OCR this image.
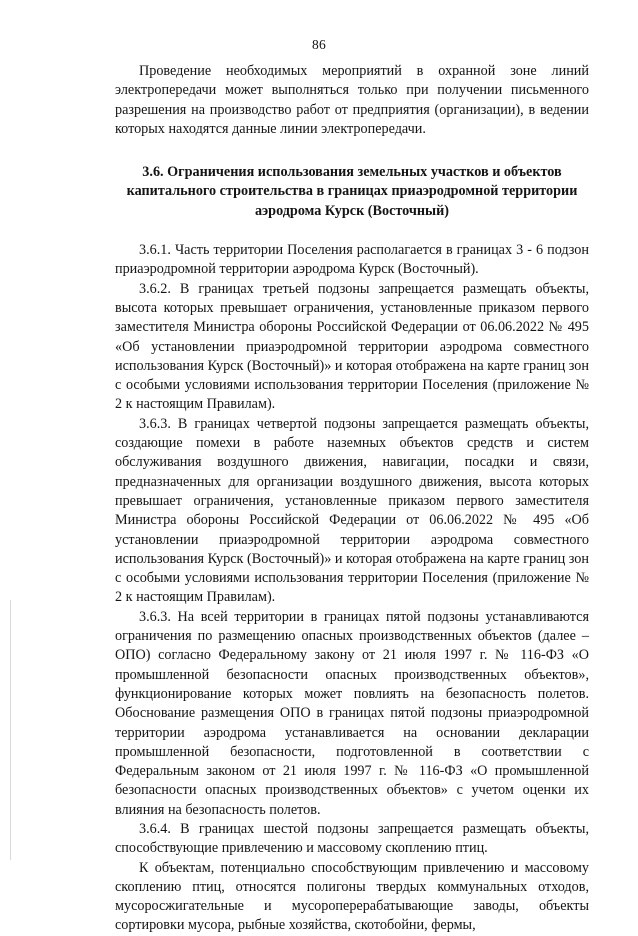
86

Проведение необходимых мероприятий в охранной зоне линий электропередачи может выполняться только при получении письменного разрешения на производство работ от предприятия (организации), в ведении которых находятся данные линии электропередачи.

3.6. Ограничения использования земельных участков и объектов капитального строительства в границах приаэродромной территории аэродрома Курск (Восточный)

3.6.1. Часть территории Поселения располагается в границах 3 - 6 подзон приаэродромной территории аэродрома Курск (Восточный).

3.6.2. В границах третьей подзоны запрещается размещать объекты, высота которых превышает ограничения, установленные приказом первого заместителя Министра обороны Российской Федерации от 06.06.2022 № 495 «Об установлении приаэродромной территории аэродрома совместного использования Курск (Восточный)» и которая отображена на карте границ зон с особыми условиями использования территории Поселения (приложение № 2 к настоящим Правилам).

3.6.3. В границах четвертой подзоны запрещается размещать объекты, создающие помехи в работе наземных объектов средств и систем обслуживания воздушного движения, навигации, посадки и связи, предназначенных для организации воздушного движения, высота которых превышает ограничения, установленные приказом первого заместителя Министра обороны Российской Федерации от 06.06.2022 № 495 «Об установлении приаэродромной территории аэродрома совместного использования Курск (Восточный)» и которая отображена на карте границ зон с особыми условиями использования территории Поселения (приложение № 2 к настоящим Правилам).

3.6.3. На всей территории в границах пятой подзоны устанавливаются ограничения по размещению опасных производственных объектов (далее – ОПО) согласно Федеральному закону от 21 июля 1997 г. № 116-ФЗ «О промышленной безопасности опасных производственных объектов», функционирование которых может повлиять на безопасность полетов. Обоснование размещения ОПО в границах пятой подзоны приаэродромной территории аэродрома устанавливается на основании декларации промышленной безопасности, подготовленной в соответствии с Федеральным законом от 21 июля 1997 г. № 116-ФЗ «О промышленной безопасности опасных производственных объектов» с учетом оценки их влияния на безопасность полетов.

3.6.4. В границах шестой подзоны запрещается размещать объекты, способствующие привлечению и массовому скоплению птиц.

К объектам, потенциально способствующим привлечению и массовому скоплению птиц, относятся полигоны твердых коммунальных отходов, мусоросжигательные и мусороперерабатывающие заводы, объекты сортировки мусора, рыбные хозяйства, скотобойни, фермы,
